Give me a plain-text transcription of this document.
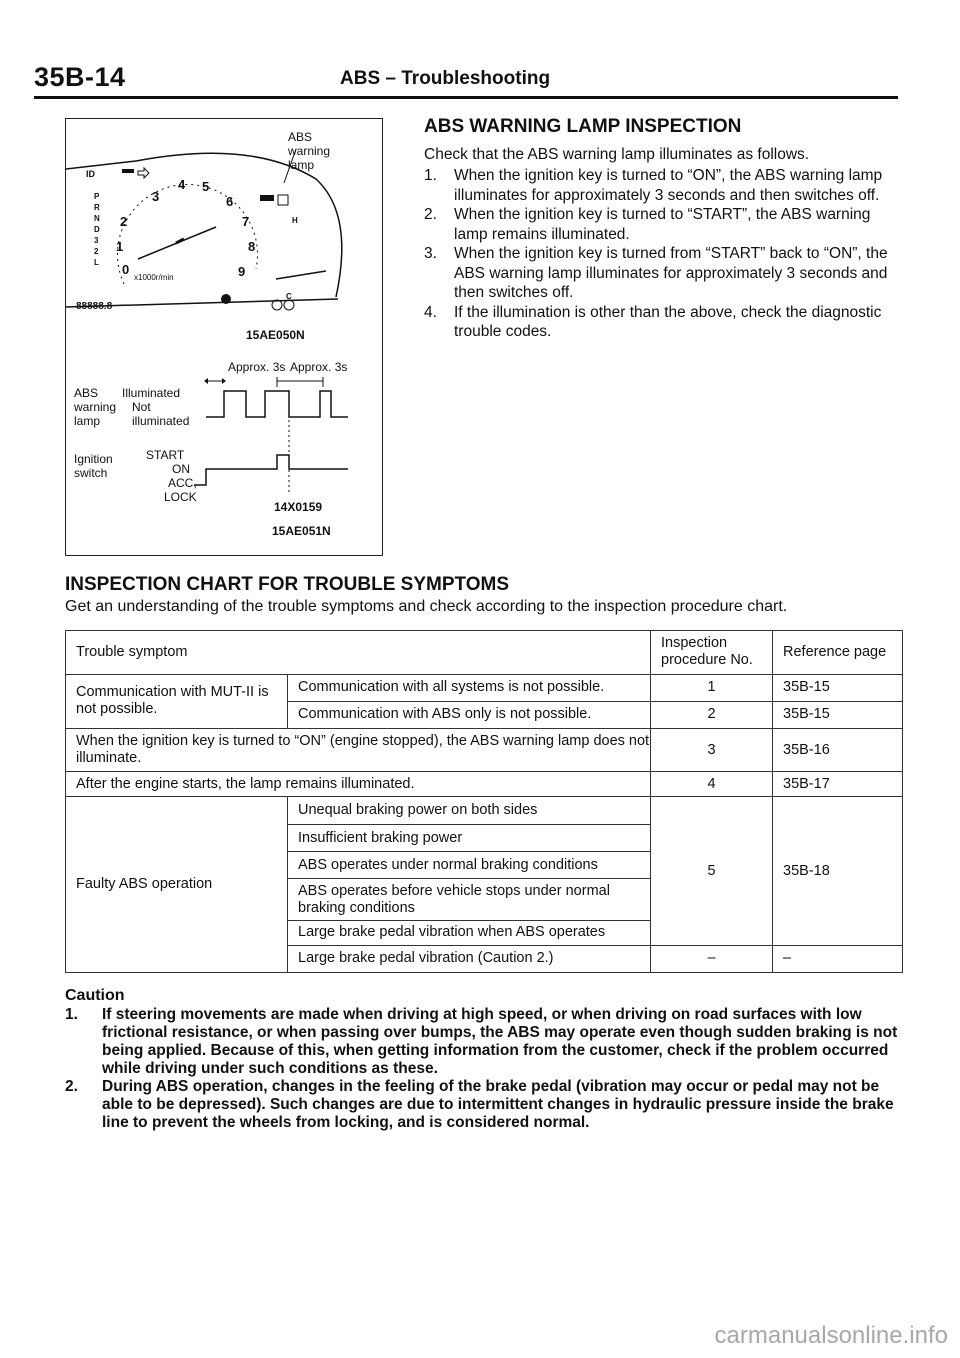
35B-14	ABS – Troubleshooting
ABS
warning
lamp
ID
P
R
N
D
3
2
L
1
2
3
4 5
6
7
8
9
0
x1000r/min
H
C
88888.8
15AE050N
Approx. 3s Approx. 3s
ABS
warning
lamp
Illuminated
Not
illuminated
Ignition
switch
START
ON
ACC,
LOCK
14X0159
15AE051N
ABS WARNING LAMP INSPECTION
Check that the ABS warning lamp illuminates as follows.
1. When the ignition key is turned to “ON”, the ABS warning lamp illuminates for approximately 3 seconds and then switches off.
2. When the ignition key is turned to “START”, the ABS warning lamp remains illuminated.
3. When the ignition key is turned from “START” back to “ON”, the ABS warning lamp illuminates for approximately 3 seconds and then switches off.
4. If the illumination is other than the above, check the diagnostic trouble codes.
INSPECTION CHART FOR TROUBLE SYMPTOMS
Get an understanding of the trouble symptoms and check according to the inspection procedure chart.
Trouble symptom		Inspection procedure No.	Reference page
Communication with MUT-II is not possible.	Communication with all systems is not possible.	1	35B-15
	Communication with ABS only is not possible.	2	35B-15
When the ignition key is turned to “ON” (engine stopped), the ABS warning lamp does not illuminate.		3	35B-16
After the engine starts, the lamp remains illuminated.		4	35B-17
Faulty ABS operation	Unequal braking power on both sides	5	35B-18
	Insufficient braking power		
	ABS operates under normal braking conditions		
	ABS operates before vehicle stops under normal braking conditions		
	Large brake pedal vibration when ABS operates		
	Large brake pedal vibration (Caution 2.)	–	–
Caution
1. If steering movements are made when driving at high speed, or when driving on road surfaces with low frictional resistance, or when passing over bumps, the ABS may operate even though sudden braking is not being applied. Because of this, when getting information from the customer, check if the problem occurred while driving under such conditions as these.
2. During ABS operation, changes in the feeling of the brake pedal (vibration may occur or pedal may not be able to be depressed). Such changes are due to intermittent changes in hydraulic pressure inside the brake line to prevent the wheels from locking, and is considered normal.
carmanualsonline.info
